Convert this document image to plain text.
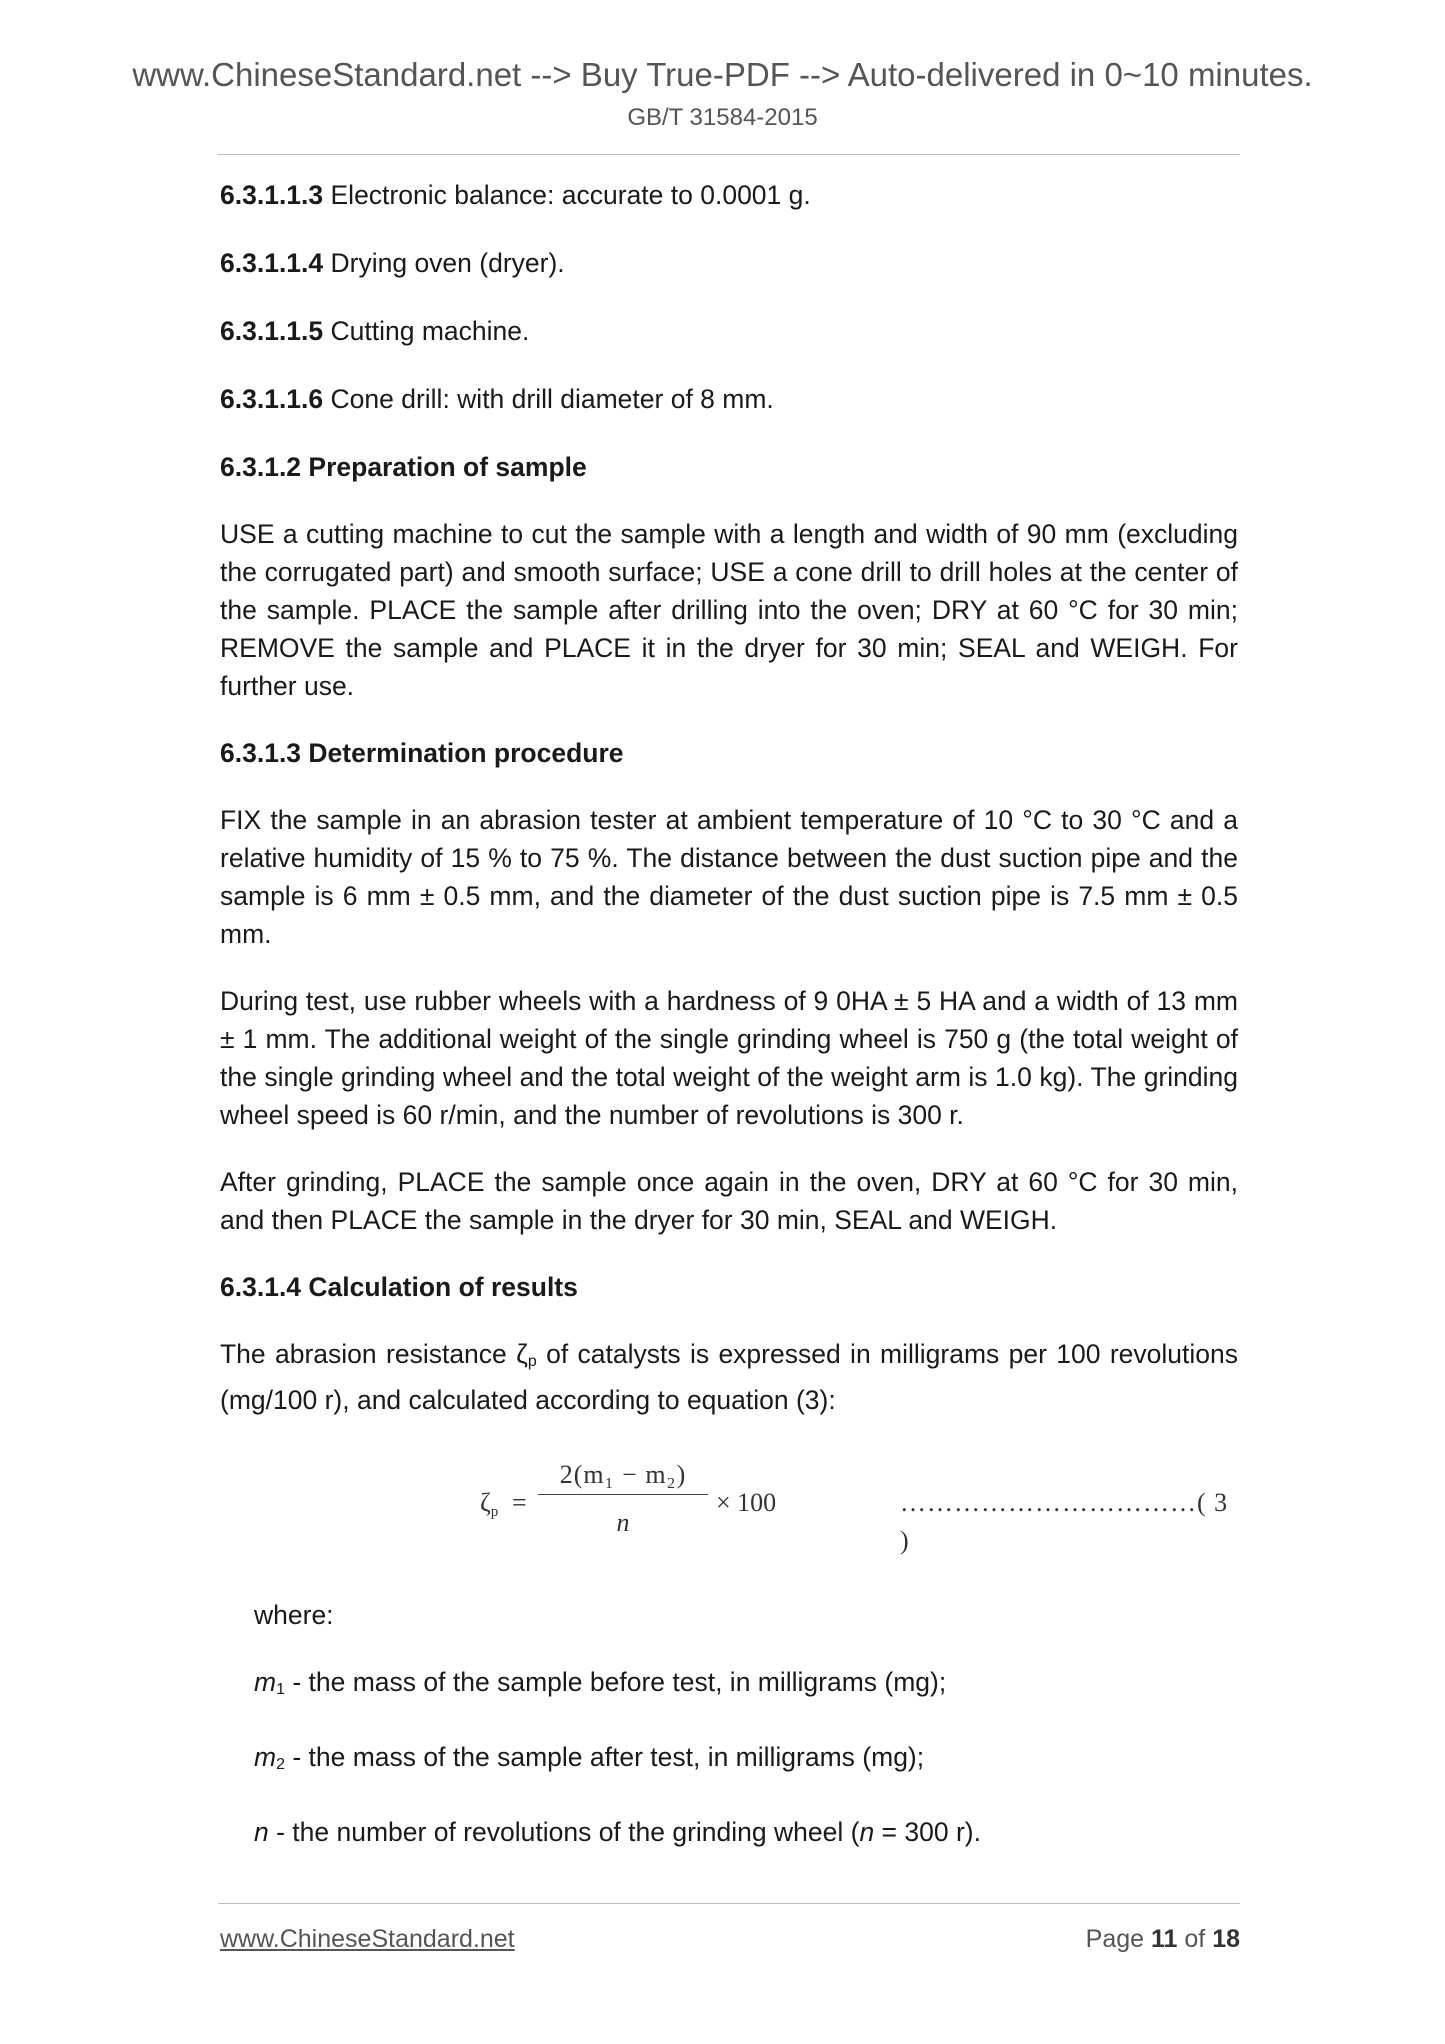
www.ChineseStandard.net --> Buy True-PDF --> Auto-delivered in 0~10 minutes.
GB/T 31584-2015
6.3.1.1.3 Electronic balance: accurate to 0.0001 g.
6.3.1.1.4 Drying oven (dryer).
6.3.1.1.5 Cutting machine.
6.3.1.1.6 Cone drill: with drill diameter of 8 mm.
6.3.1.2 Preparation of sample
USE a cutting machine to cut the sample with a length and width of 90 mm (excluding the corrugated part) and smooth surface; USE a cone drill to drill holes at the center of the sample. PLACE the sample after drilling into the oven; DRY at 60 °C for 30 min; REMOVE the sample and PLACE it in the dryer for 30 min; SEAL and WEIGH. For further use.
6.3.1.3 Determination procedure
FIX the sample in an abrasion tester at ambient temperature of 10 °C to 30 °C and a relative humidity of 15 % to 75 %. The distance between the dust suction pipe and the sample is 6 mm ± 0.5 mm, and the diameter of the dust suction pipe is 7.5 mm ± 0.5 mm.
During test, use rubber wheels with a hardness of 9 0HA ± 5 HA and a width of 13 mm ± 1 mm. The additional weight of the single grinding wheel is 750 g (the total weight of the single grinding wheel and the total weight of the weight arm is 1.0 kg). The grinding wheel speed is 60 r/min, and the number of revolutions is 300 r.
After grinding, PLACE the sample once again in the oven, DRY at 60 °C for 30 min, and then PLACE the sample in the dryer for 30 min, SEAL and WEIGH.
6.3.1.4 Calculation of results
The abrasion resistance ζp of catalysts is expressed in milligrams per 100 revolutions (mg/100 r), and calculated according to equation (3):
ζp =
2(m₁ − m₂)
n
× 100	……………………………( 3 )
where:
m1 - the mass of the sample before test, in milligrams (mg);
m2 - the mass of the sample after test, in milligrams (mg);
n - the number of revolutions of the grinding wheel (n = 300 r).
www.ChineseStandard.net	Page 11 of 18
